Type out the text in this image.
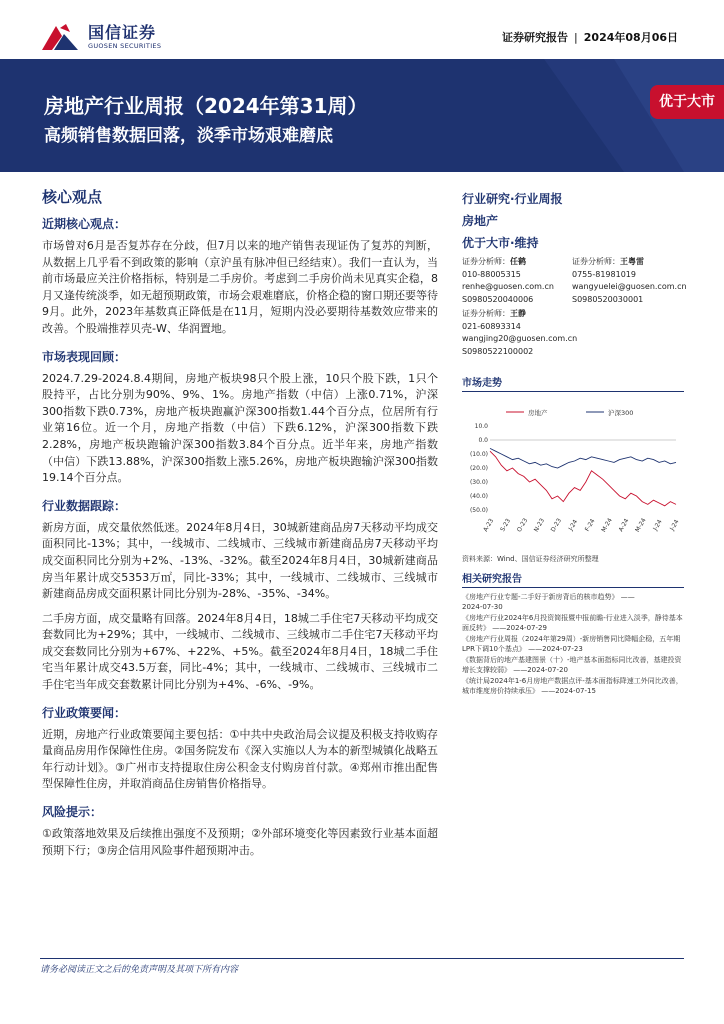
国信证券
GUOSEN SECURITIES
证券研究报告 | 2024年08月06日
房地产行业周报（2024年第31周）
高频销售数据回落，淡季市场艰难磨底
优于大市
核心观点
近期核心观点：

市场曾对6月是否复苏存在分歧，但7月以来的地产销售表现证伪了复苏的判断，从数据上几乎看不到政策的影响（京沪虽有脉冲但已经结束）。我们一直认为，当前市场最应关注价格指标，特别是二手房价。考虑到二手房价尚未见真实企稳，8月又逢传统淡季，如无超预期政策，市场会艰难磨底，价格企稳的窗口期还要等待9月。此外，2023年基数真正降低是在11月，短期内没必要期待基数效应带来的改善。个股端推荐贝壳-W、华润置地。

市场表现回顾：

2024.7.29-2024.8.4期间，房地产板块98只个股上涨，10只个股下跌，1只个股持平，占比分别为90%、9%、1%。房地产指数（中信）上涨0.71%，沪深300指数下跌0.73%，房地产板块跑赢沪深300指数1.44个百分点，位居所有行业第16位。近一个月，房地产指数（中信）下跌6.12%，沪深300指数下跌2.28%，房地产板块跑输沪深300指数3.84个百分点。近半年来，房地产指数（中信）下跌13.88%，沪深300指数上涨5.26%，房地产板块跑输沪深300指数19.14个百分点。

行业数据跟踪：

新房方面，成交量依然低迷。2024年8月4日，30城新建商品房7天移动平均成交面积同比-13%；其中，一线城市、二线城市、三线城市新建商品房7天移动平均成交面积同比分别为+2%、-13%、-32%。截至2024年8月4日，30城新建商品房当年累计成交5353万㎡，同比-33%；其中，一线城市、二线城市、三线城市新建商品房成交面积累计同比分别为-28%、-35%、-34%。

二手房方面，成交量略有回落。2024年8月4日，18城二手住宅7天移动平均成交套数同比为+29%；其中，一线城市、二线城市、三线城市二手住宅7天移动平均成交套数同比分别为+67%、+22%、+5%。截至2024年8月4日，18城二手住宅当年累计成交43.5万套，同比-4%；其中，一线城市、二线城市、三线城市二手住宅当年成交套数累计同比分别为+4%、-6%、-9%。

行业政策要闻：

近期，房地产行业政策要闻主要包括：①中共中央政治局会议提及积极支持收购存量商品房用作保障性住房。②国务院发布《深入实施以人为本的新型城镇化战略五年行动计划》。③广州市支持提取住房公积金支付购房首付款。④郑州市推出配售型保障性住房，并取消商品住房销售价格指导。

风险提示：

①政策落地效果及后续推出强度不及预期；②外部环境变化等因素致行业基本面超预期下行；③房企信用风险事件超预期冲击。

行业研究·行业周报
房地产
优于大市·维持
证券分析师：任鹤
010-88005315
renhe@guosen.com.cn
S0980520040006
证券分析师：王粤雷
0755-81981019
wangyuelei@guosen.com.cn
S0980520030001
证券分析师：王静
021-60893314
wangjing20@guosen.com.cn
S0980522100002
市场走势
房地产	沪深300
10.0
0.0
(10.0)
(20.0)
(30.0)
(40.0)
(50.0)
A-23 S-23 O-23 N-23 D-23 J-24 F-24 M-24 A-24 M-24 J-24 J-24
资料来源：Wind、国信证券经济研究所整理
相关研究报告
《房地产行业专题-二手好于新房背后的核市趋势》 ——
2024-07-30
《房地产行业2024年6月投资简报暨中报前瞻-行业进入淡季，静待基本面反转》 ——2024-07-29
《房地产行业周报（2024年第29周）-新房销售同比降幅企稳，五年期LPR下调10个基点》 ——2024-07-23
《数据背后的地产基建图景（十）-地产基本面指标同比改善，基建投资增长支撑较弱》 ——2024-07-20
《统计局2024年1-6月房地产数据点评-基本面指标降速工外同比改善，城市维度房价持续承压》 ——2024-07-15
请务必阅读正文之后的免责声明及其项下所有内容
